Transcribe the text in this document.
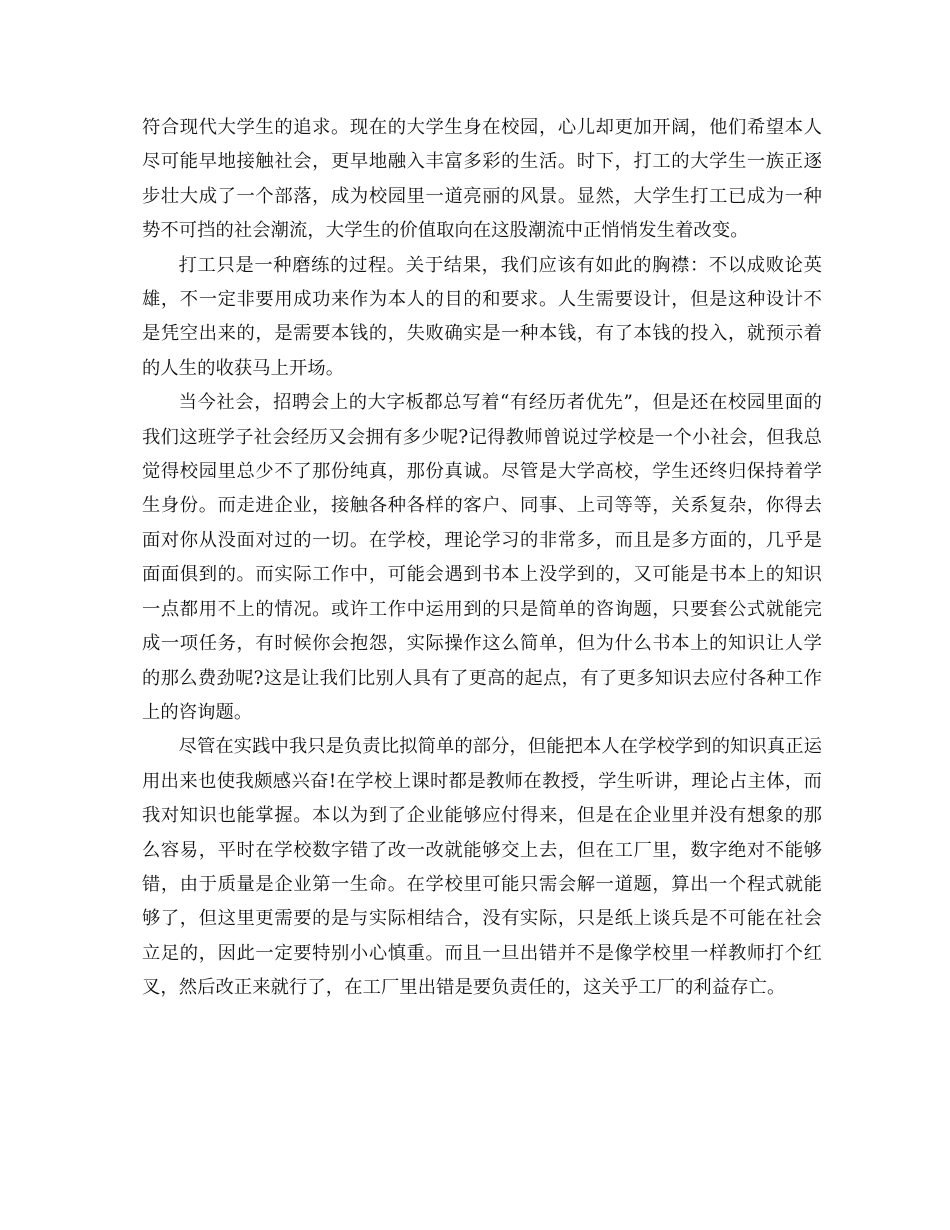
符合现代大学生的追求。现在的大学生身在校园，心儿却更加开阔，他们希望本人尽可能早地接触社会，更早地融入丰富多彩的生活。时下，打工的大学生一族正逐步壮大成了一个部落，成为校园里一道亮丽的风景。显然，大学生打工已成为一种势不可挡的社会潮流，大学生的价值取向在这股潮流中正悄悄发生着改变。

打工只是一种磨练的过程。关于结果，我们应该有如此的胸襟：不以成败论英雄，不一定非要用成功来作为本人的目的和要求。人生需要设计，但是这种设计不是凭空出来的，是需要本钱的，失败确实是一种本钱，有了本钱的投入，就预示着的人生的收获马上开场。

当今社会，招聘会上的大字板都总写着“有经历者优先”，但是还在校园里面的我们这班学子社会经历又会拥有多少呢?记得教师曾说过学校是一个小社会，但我总觉得校园里总少不了那份纯真，那份真诚。尽管是大学高校，学生还终归保持着学生身份。而走进企业，接触各种各样的客户、同事、上司等等，关系复杂，你得去面对你从没面对过的一切。在学校，理论学习的非常多，而且是多方面的，几乎是面面俱到的。而实际工作中，可能会遇到书本上没学到的，又可能是书本上的知识一点都用不上的情况。或许工作中运用到的只是简单的咨询题，只要套公式就能完成一项任务，有时候你会抱怨，实际操作这么简单，但为什么书本上的知识让人学的那么费劲呢?这是让我们比别人具有了更高的起点，有了更多知识去应付各种工作上的咨询题。

尽管在实践中我只是负责比拟简单的部分，但能把本人在学校学到的知识真正运用出来也使我颇感兴奋!在学校上课时都是教师在教授，学生听讲，理论占主体，而我对知识也能掌握。本以为到了企业能够应付得来，但是在企业里并没有想象的那么容易，平时在学校数字错了改一改就能够交上去，但在工厂里，数字绝对不能够错，由于质量是企业第一生命。在学校里可能只需会解一道题，算出一个程式就能够了，但这里更需要的是与实际相结合，没有实际，只是纸上谈兵是不可能在社会立足的，因此一定要特别小心慎重。而且一旦出错并不是像学校里一样教师打个红叉，然后改正来就行了，在工厂里出错是要负责任的，这关乎工厂的利益存亡。
